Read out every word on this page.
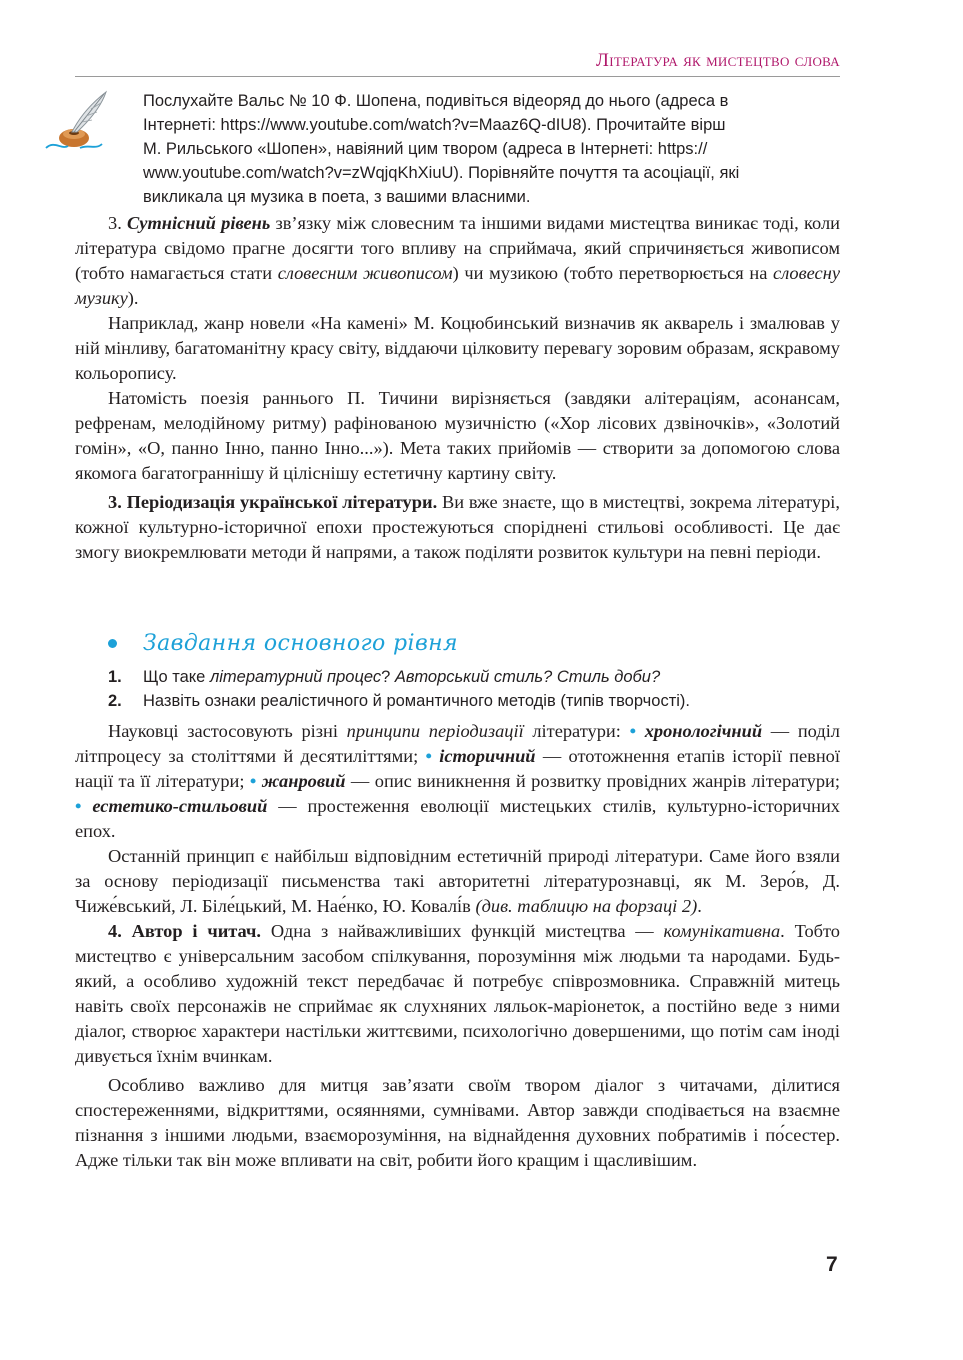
Література як мистецтво слова

Послухайте Вальс № 10 Ф. Шопена, подивіться відеоряд до нього (адреса в

Інтернеті: https://www.youtube.com/watch?v=Maaz6Q-dIU8). Прочитайте вірш

М. Рильського «Шопен», навіяний цим твором (адреса в Інтернеті: https://

www.youtube.com/watch?v=zWqjqKhXiuU). Порівняйте почуття та асоціації, які

викликала ця музика в поета, з вашими власними.

3. Сутнісний рівень зв’язку між словесним та іншими видами мистецтва виникає тоді, коли література свідомо прагне досягти того впливу на сприймача, який спричиняється живописом (тобто намагається стати словесним живописом) чи музикою (тобто перетворюється на словесну музику).

Наприклад, жанр новели «На камені» М. Коцюбинський визначив як акварель і змалював у ній мінливу, багатоманітну красу світу, віддаючи цілковиту перевагу зоровим образам, яскравому кольоропису.

Натомість поезія раннього П. Тичини вирізняється (завдяки алітераціям, асонансам, рефренам, мелодійному ритму) рафінованою музичністю («Хор лісових дзвіночків», «Золотий гомін», «О, панно Інно, панно Інно...»). Мета таких прийомів — створити за допомогою слова якомога багатограннішу й ціліснішу естетичну картину світу.

3. Періодизація української літератури. Ви вже знаєте, що в мистецтві, зокрема літературі, кожної культурно-історичної епохи простежуються споріднені стильові особливості. Це дає змогу виокремлювати методи й напрями, а також поділяти розвиток культури на певні періоди.

Завдання основного рівня
1.	Що таке літературний процес? Авторський стиль? Стиль доби?
2.	Назвіть ознаки реалістичного й романтичного методів (типів творчості).

Науковці застосовують різні принципи періодизації літератури: • хронологічний — поділ літпроцесу за століттями й десятиліттями; • історичний — ототожнення етапів історії певної нації та її літератури; • жанровий — опис виникнення й розвитку провідних жанрів літератури; • естетико-стильовий — простеження еволюції мистецьких стилів, культурно-історичних епох.

Останній принцип є найбільш відповідним естетичній природі літератури. Саме його взяли за основу періодизації письменства такі авторитетні літературознавці, як М. Зеро́в, Д. Чиже́вський, Л. Біле́цький, М. Нае́нко, Ю. Ковалі́в (див. таблицю на форзаці 2).

4. Автор і читач. Одна з найважливіших функцій мистецтва — комунікативна. Тобто мистецтво є універсальним засобом спілкування, порозуміння між людьми та народами. Будь-який, а особливо художній текст передбачає й потребує співрозмовника. Справжній митець навіть своїх персонажів не сприймає як слухняних ляльок-маріонеток, а постійно веде з ними діалог, створює характери настільки життєвими, психологічно довершеними, що потім сам іноді дивується їхнім вчинкам.

Особливо важливо для митця зав’язати своїм твором діалог з читачами, ділитися спостереженнями, відкриттями, осяяннями, сумнівами. Автор завжди сподівається на взаємне пізнання з іншими людьми, взаєморозуміння, на віднайдення духовних побратимів і по́сестер. Адже тільки так він може впливати на світ, робити його кращим і щасливішим.

7
